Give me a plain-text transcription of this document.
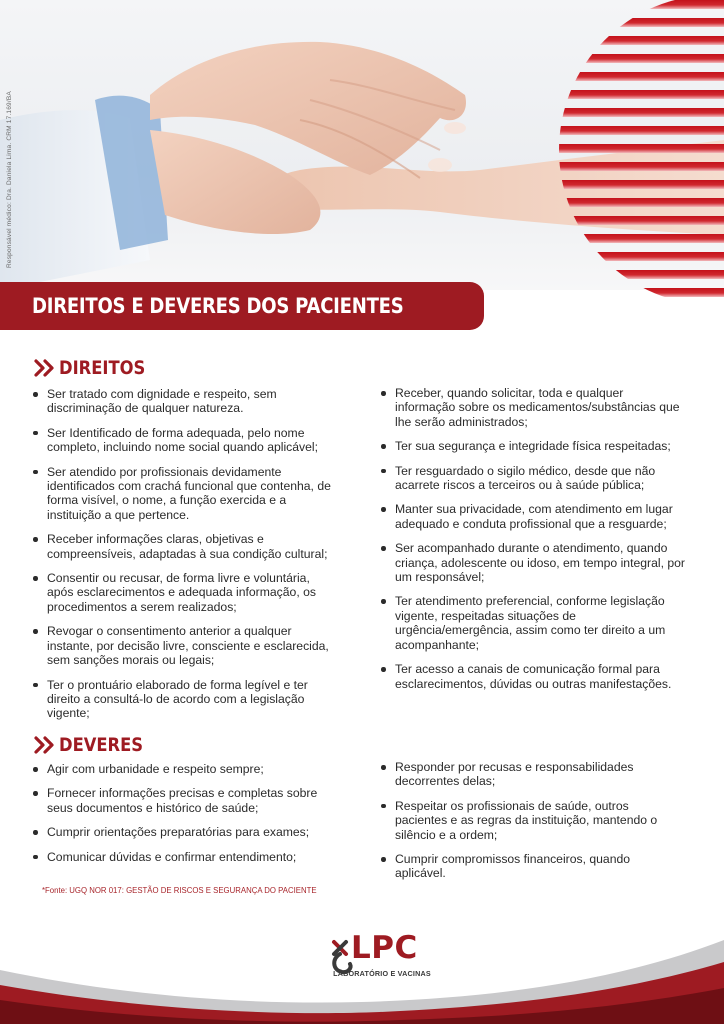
Responsável médico: Dra. Daniela Lima. CRM 17.169/BA
DIREITOS E DEVERES DOS PACIENTES
DIREITOS
Ser tratado com dignidade e respeito, sem discriminação de qualquer natureza.
Ser Identificado de forma adequada, pelo nome completo, incluindo nome social quando aplicável;
Ser atendido por profissionais devidamente identificados com crachá funcional que contenha, de forma visível, o nome, a função exercida e a instituição a que pertence.
Receber informações claras, objetivas e compreensíveis, adaptadas à sua condição cultural;
Consentir ou recusar, de forma livre e voluntária, após esclarecimentos e adequada informação, os procedimentos a serem realizados;
Revogar o consentimento anterior a qualquer instante, por decisão livre, consciente e esclarecida, sem sanções morais ou legais;
Ter o prontuário elaborado de forma legível e ter direito a consultá-lo de acordo com a legislação vigente;
Receber, quando solicitar, toda e qualquer informação sobre os medicamentos/substâncias que lhe serão administrados;
Ter sua segurança e integridade física respeitadas;
Ter resguardado o sigilo médico, desde que não acarrete riscos a terceiros ou à saúde pública;
Manter sua privacidade, com atendimento em lugar adequado e conduta profissional que a resguarde;
Ser acompanhado durante o atendimento, quando criança, adolescente ou idoso, em tempo integral, por um responsável;
Ter atendimento preferencial, conforme legislação vigente, respeitadas situações de urgência/emergência, assim como ter direito a um acompanhante;
Ter acesso a canais de comunicação formal para esclarecimentos, dúvidas ou outras manifestações.
DEVERES
Agir com urbanidade e respeito sempre;
Fornecer informações precisas e completas sobre seus documentos e histórico de saúde;
Cumprir orientações preparatórias para exames;
Comunicar dúvidas e confirmar entendimento;
Responder por recusas e responsabilidades decorrentes delas;
Respeitar os profissionais de saúde, outros pacientes e as regras da instituição, mantendo o silêncio e a ordem;
Cumprir compromissos financeiros, quando aplicável.
*Fonte: UGQ NOR 017: GESTÃO DE RISCOS E SEGURANÇA DO PACIENTE
LPC
LABORATÓRIO E VACINAS
